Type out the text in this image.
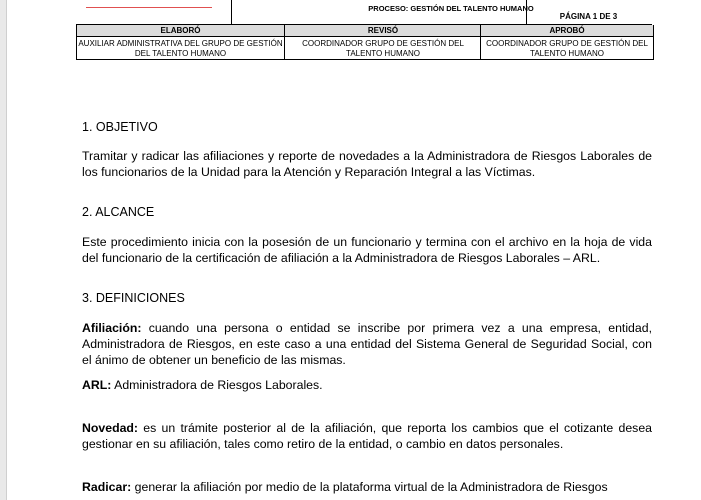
PROCESO: GESTIÓN DEL TALENTO HUMANO
PÁGINA 1 DE 3
ELABORÓ
AUXILIAR ADMINISTRATIVA DEL GRUPO DE GESTIÓN DEL TALENTO HUMANO
REVISÓ
COORDINADOR GRUPO DE GESTIÓN DEL TALENTO HUMANO
APROBÓ
COORDINADOR GRUPO DE GESTIÓN DEL TALENTO HUMANO
1. OBJETIVO
Tramitar y radicar las afiliaciones y reporte de novedades a la Administradora de Riesgos Laborales de los funcionarios de la Unidad para la Atención y Reparación Integral a las Víctimas.
2. ALCANCE
Este procedimiento inicia con la posesión de un funcionario y termina con el archivo en la hoja de vida del funcionario de la certificación de afiliación a la Administradora de Riesgos Laborales – ARL.
3. DEFINICIONES
Afiliación: cuando una persona o entidad se inscribe por primera vez a una empresa, entidad, Administradora de Riesgos, en este caso a una entidad del Sistema General de Seguridad Social, con el ánimo de obtener un beneficio de las mismas.
ARL: Administradora de Riesgos Laborales.
Novedad: es un trámite posterior al de la afiliación, que reporta los cambios que el cotizante desea gestionar en su afiliación, tales como retiro de la entidad, o cambio en datos personales.
Radicar: generar la afiliación por medio de la plataforma virtual de la Administradora de Riesgos
